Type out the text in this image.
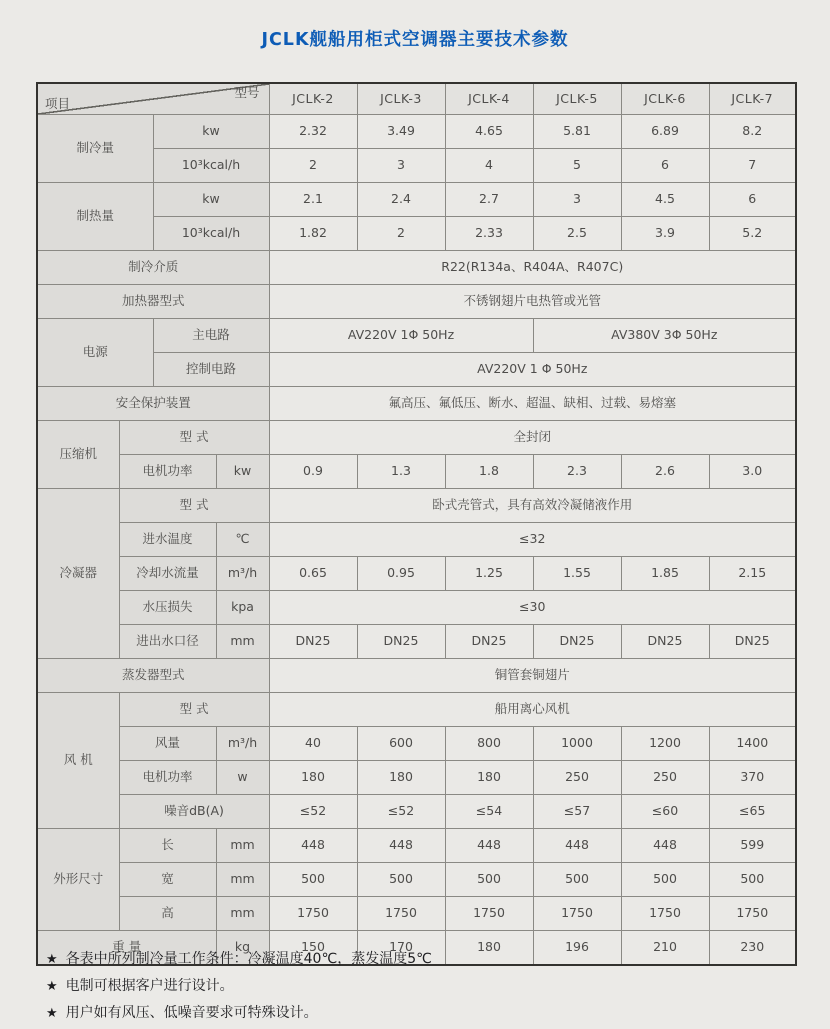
JCLK舰船用柜式空调器主要技术参数
项目
型号				JCLK-2	JCLK-3	JCLK-4	JCLK-5	JCLK-6	JCLK-7
制冷量		kw		2.32	3.49	4.65	5.81	6.89	8.2
		10³kcal/h		2	3	4	5	6	7
制热量		kw		2.1	2.4	2.7	3	4.5	6
		10³kcal/h		1.82	2	2.33	2.5	3.9	5.2
制冷介质				R22(R134a、R404A、R407C)					
加热器型式				不锈钢翅片电热管或光管					
电源		主电路		AV220V 1Φ 50Hz			AV380V 3Φ 50Hz		
		控制电路		AV220V 1 Φ 50Hz					
安全保护装置				氟高压、氟低压、断水、超温、缺相、过载、易熔塞					
压缩机	型 式			全封闭					
	电机功率		kw	0.9	1.3	1.8	2.3	2.6	3.0
冷凝器	型 式			卧式壳管式，具有高效冷凝储液作用					
	进水温度		℃	≤32					
	冷却水流量		m³/h	0.65	0.95	1.25	1.55	1.85	2.15
	水压损失		kpa	≤30					
	进出水口径		mm	DN25	DN25	DN25	DN25	DN25	DN25
蒸发器型式				铜管套铜翅片					
风 机	型 式			船用离心风机					
	风量		m³/h	40	600	800	1000	1200	1400
	电机功率		w	180	180	180	250	250	370
	噪音dB(A)			≤52	≤52	≤54	≤57	≤60	≤65
外形尺寸	长		mm	448	448	448	448	448	599
	宽		mm	500	500	500	500	500	500
	高		mm	1750	1750	1750	1750	1750	1750
重 量			kg	150	170	180	196	210	230
★ 各表中所列制冷量工作条件：冷凝温度40℃，蒸发温度5℃
★ 电制可根据客户进行设计。
★ 用户如有风压、低噪音要求可特殊设计。
